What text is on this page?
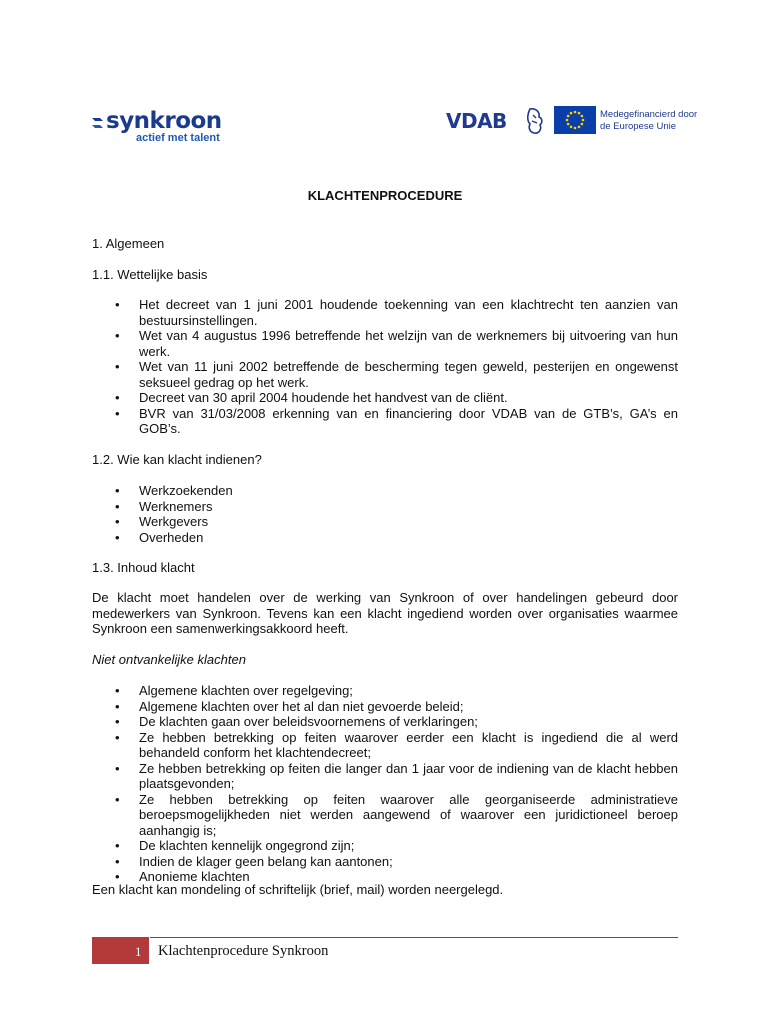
synkroon
actief met talent
VDAB	Medegefinancierd door
de Europese Unie
KLACHTENPROCEDURE
1. Algemeen
1.1. Wettelijke basis
• Het decreet van 1 juni 2001 houdende toekenning van een klachtrecht ten aanzien van bestuursinstellingen.
• Wet van 4 augustus 1996 betreffende het welzijn van de werknemers bij uitvoering van hun werk.
• Wet van 11 juni 2002 betreffende de bescherming tegen geweld, pesterijen en ongewenst seksueel gedrag op het werk.
• Decreet van 30 april 2004 houdende het handvest van de cliënt.
• BVR van 31/03/2008 erkenning van en financiering door VDAB van de GTB’s, GA’s en GOB’s.
1.2. Wie kan klacht indienen?
• Werkzoekenden
• Werknemers
• Werkgevers
• Overheden
1.3. Inhoud klacht
De klacht moet handelen over de werking van Synkroon of over handelingen gebeurd door medewerkers van Synkroon. Tevens kan een klacht ingediend worden over organisaties waarmee Synkroon een samenwerkingsakkoord heeft.
Niet ontvankelijke klachten
• Algemene klachten over regelgeving;
• Algemene klachten over het al dan niet gevoerde beleid;
• De klachten gaan over beleidsvoornemens of verklaringen;
• Ze hebben betrekking op feiten waarover eerder een klacht is ingediend die al werd behandeld conform het klachtendecreet;
• Ze hebben betrekking op feiten die langer dan 1 jaar voor de indiening van de klacht hebben plaatsgevonden;
• Ze hebben betrekking op feiten waarover alle georganiseerde administratieve beroepsmogelijkheden niet werden aangewend of waarover een juridictioneel beroep aanhangig is;
• De klachten kennelijk ongegrond zijn;
• Indien de klager geen belang kan aantonen;
• Anonieme klachten
Een klacht kan mondeling of schriftelijk (brief, mail) worden neergelegd.
1 Klachtenprocedure Synkroon
